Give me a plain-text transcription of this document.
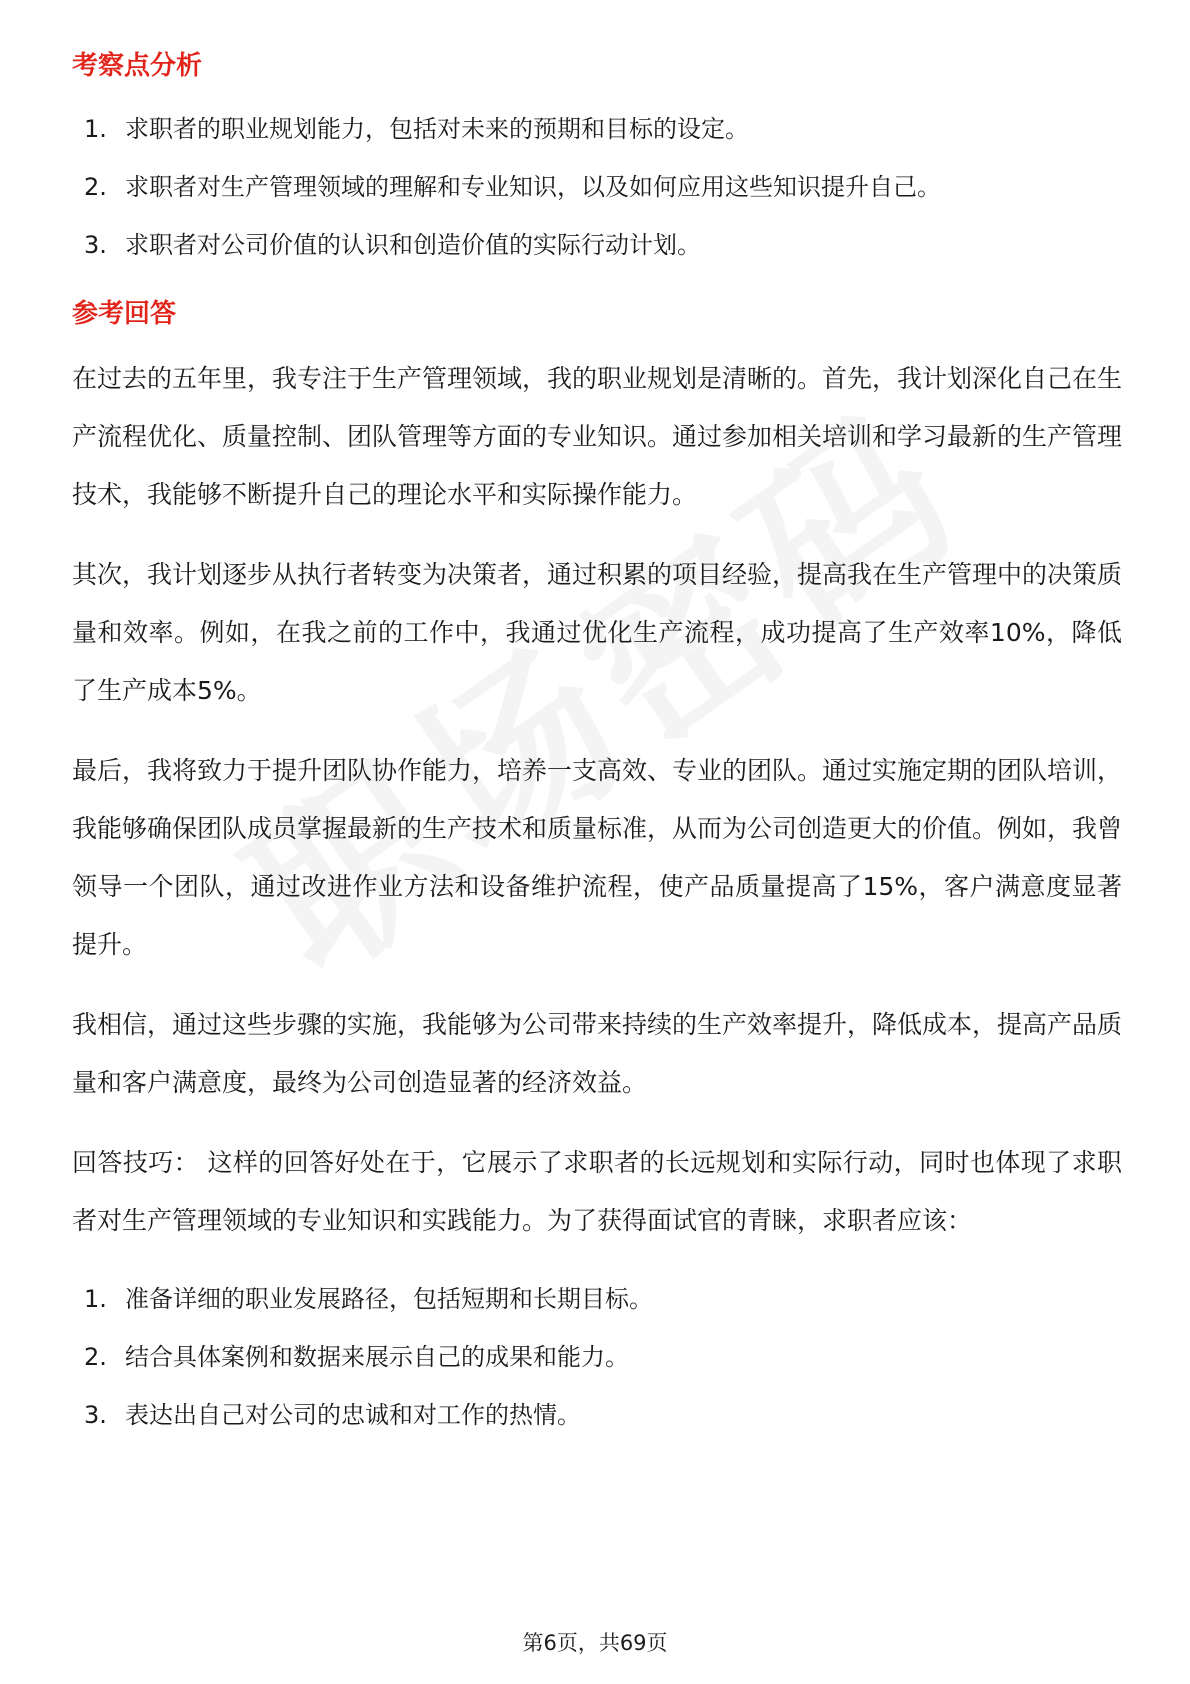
考察点分析
1. 求职者的职业规划能力，包括对未来的预期和目标的设定。
2. 求职者对生产管理领域的理解和专业知识，以及如何应用这些知识提升自己。
3. 求职者对公司价值的认识和创造价值的实际行动计划。
参考回答

在过去的五年里，我专注于生产管理领域，我的职业规划是清晰的。首先，我计划深化自己在生产流程优化、质量控制、团队管理等方面的专业知识。通过参加相关培训和学习最新的生产管理技术，我能够不断提升自己的理论水平和实际操作能力。

其次，我计划逐步从执行者转变为决策者，通过积累的项目经验，提高我在生产管理中的决策质量和效率。例如，在我之前的工作中，我通过优化生产流程，成功提高了生产效率10%，降低了生产成本5%。

最后，我将致力于提升团队协作能力，培养一支高效、专业的团队。通过实施定期的团队培训，我能够确保团队成员掌握最新的生产技术和质量标准，从而为公司创造更大的价值。例如，我曾领导一个团队，通过改进作业方法和设备维护流程，使产品质量提高了15%，客户满意度显著提升。

我相信，通过这些步骤的实施，我能够为公司带来持续的生产效率提升，降低成本，提高产品质量和客户满意度，最终为公司创造显著的经济效益。

回答技巧： 这样的回答好处在于，它展示了求职者的长远规划和实际行动，同时也体现了求职者对生产管理领域的专业知识和实践能力。为了获得面试官的青睐，求职者应该：

1. 准备详细的职业发展路径，包括短期和长期目标。
2. 结合具体案例和数据来展示自己的成果和能力。
3. 表达出自己对公司的忠诚和对工作的热情。
第6页，共69页
